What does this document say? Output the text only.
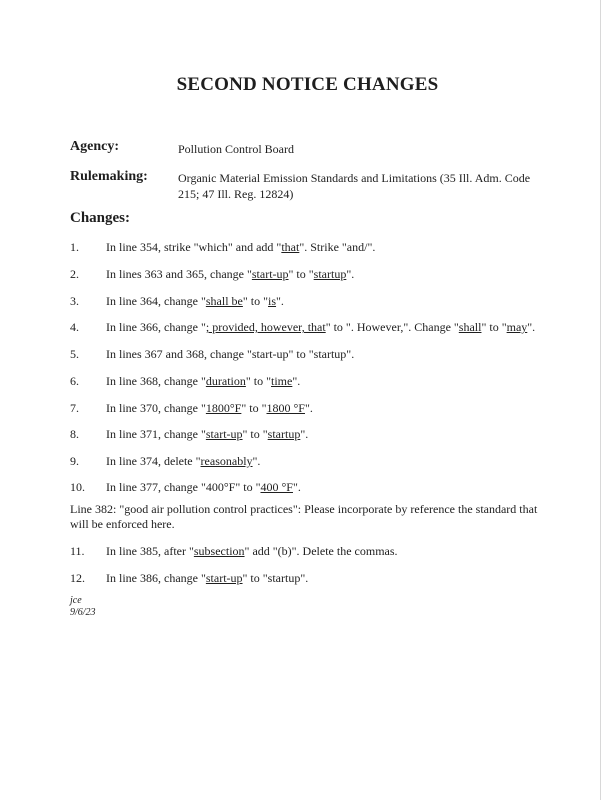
SECOND NOTICE CHANGES
Agency:	Pollution Control Board
Rulemaking:	Organic Material Emission Standards and Limitations (35 Ill. Adm. Code
215; 47 Ill. Reg. 12824)
Changes:
1. In line 354, strike "which" and add "that". Strike "and/".
2. In lines 363 and 365, change "start-up" to "startup".
3. In line 364, change "shall be" to "is".
4. In line 366, change "; provided, however, that" to ". However,". Change "shall" to "may".
5. In lines 367 and 368, change "start-up" to "startup".
6. In line 368, change "duration" to "time".
7. In line 370, change "1800°F" to "1800 °F".
8. In line 371, change "start-up" to "startup".
9. In line 374, delete "reasonably".
10. In line 377, change "400°F" to "400 °F".
11. In line 385, after "subsection" add "(b)". Delete the commas.
12. In line 386, change "start-up" to "startup".
Line 382: "good air pollution control practices": Please incorporate by reference the standard that
will be enforced here.
jce
9/6/23
